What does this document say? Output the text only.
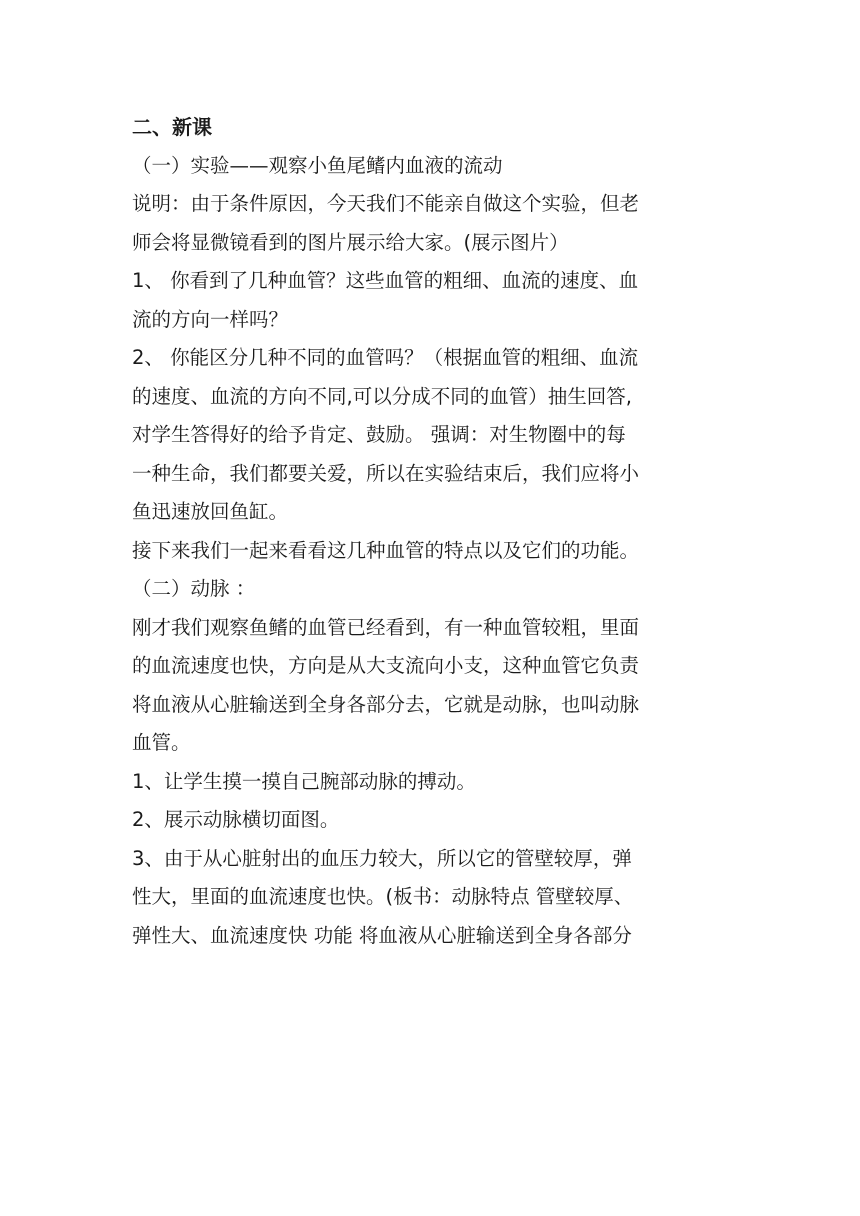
二、新课
（一）实验——观察小鱼尾鳍内血液的流动
说明：由于条件原因，今天我们不能亲自做这个实验，但老
师会将显微镜看到的图片展示给大家。(展示图片）
1、 你看到了几种血管？这些血管的粗细、血流的速度、血
流的方向一样吗？
2、 你能区分几种不同的血管吗？（根据血管的粗细、血流
的速度、血流的方向不同,可以分成不同的血管）抽生回答,
对学生答得好的给予肯定、鼓励。 强调：对生物圈中的每
一种生命，我们都要关爱，所以在实验结束后，我们应将小
鱼迅速放回鱼缸。
接下来我们一起来看看这几种血管的特点以及它们的功能。
（二）动脉 ：
刚才我们观察鱼鳍的血管已经看到，有一种血管较粗，里面
的血流速度也快，方向是从大支流向小支，这种血管它负责
将血液从心脏输送到全身各部分去，它就是动脉，也叫动脉
血管。
1、让学生摸一摸自己腕部动脉的搏动。
2、展示动脉横切面图。
3、由于从心脏射出的血压力较大，所以它的管壁较厚，弹
性大，里面的血流速度也快。(板书：动脉特点 管壁较厚、
弹性大、血流速度快 功能 将血液从心脏输送到全身各部分
